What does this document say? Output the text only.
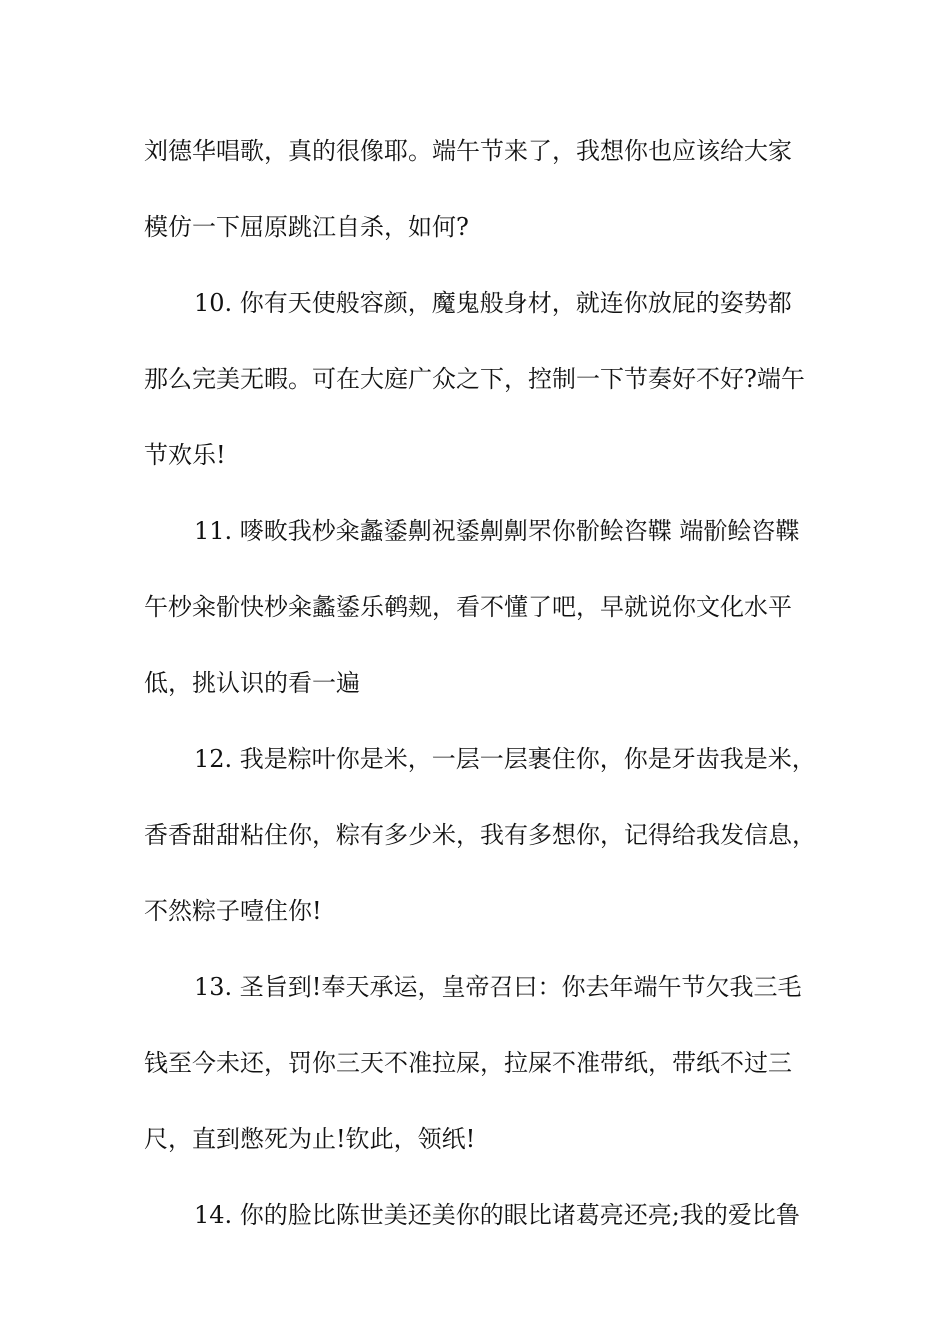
刘德华唱歌，真的很像耶。端午节来了，我想你也应该给大家
模仿一下屈原跳江自杀，如何?
10. 你有天使般容颜，魔鬼般身材，就连你放屁的姿势都
那么完美无暇。可在大庭广众之下，控制一下节奏好不好?端午
节欢乐!
11. 嘜畋我杪籴蠡鋈劓祝鋈劓劓罘你骱鲙咨鞢 端骱鲙咨鞢
午杪籴骱快杪籴蠡鋈乐鹌觌，看不懂了吧，早就说你文化水平
低，挑认识的看一遍
12. 我是粽叶你是米，一层一层裹住你，你是牙齿我是米，
香香甜甜粘住你，粽有多少米，我有多想你，记得给我发信息，
不然粽子噎住你!
13. 圣旨到!奉天承运，皇帝召曰：你去年端午节欠我三毛
钱至今未还，罚你三天不准拉屎，拉屎不准带纸，带纸不过三
尺，直到憋死为止!钦此，领纸!
14. 你的脸比陈世美还美你的眼比诸葛亮还亮;我的爱比鲁
